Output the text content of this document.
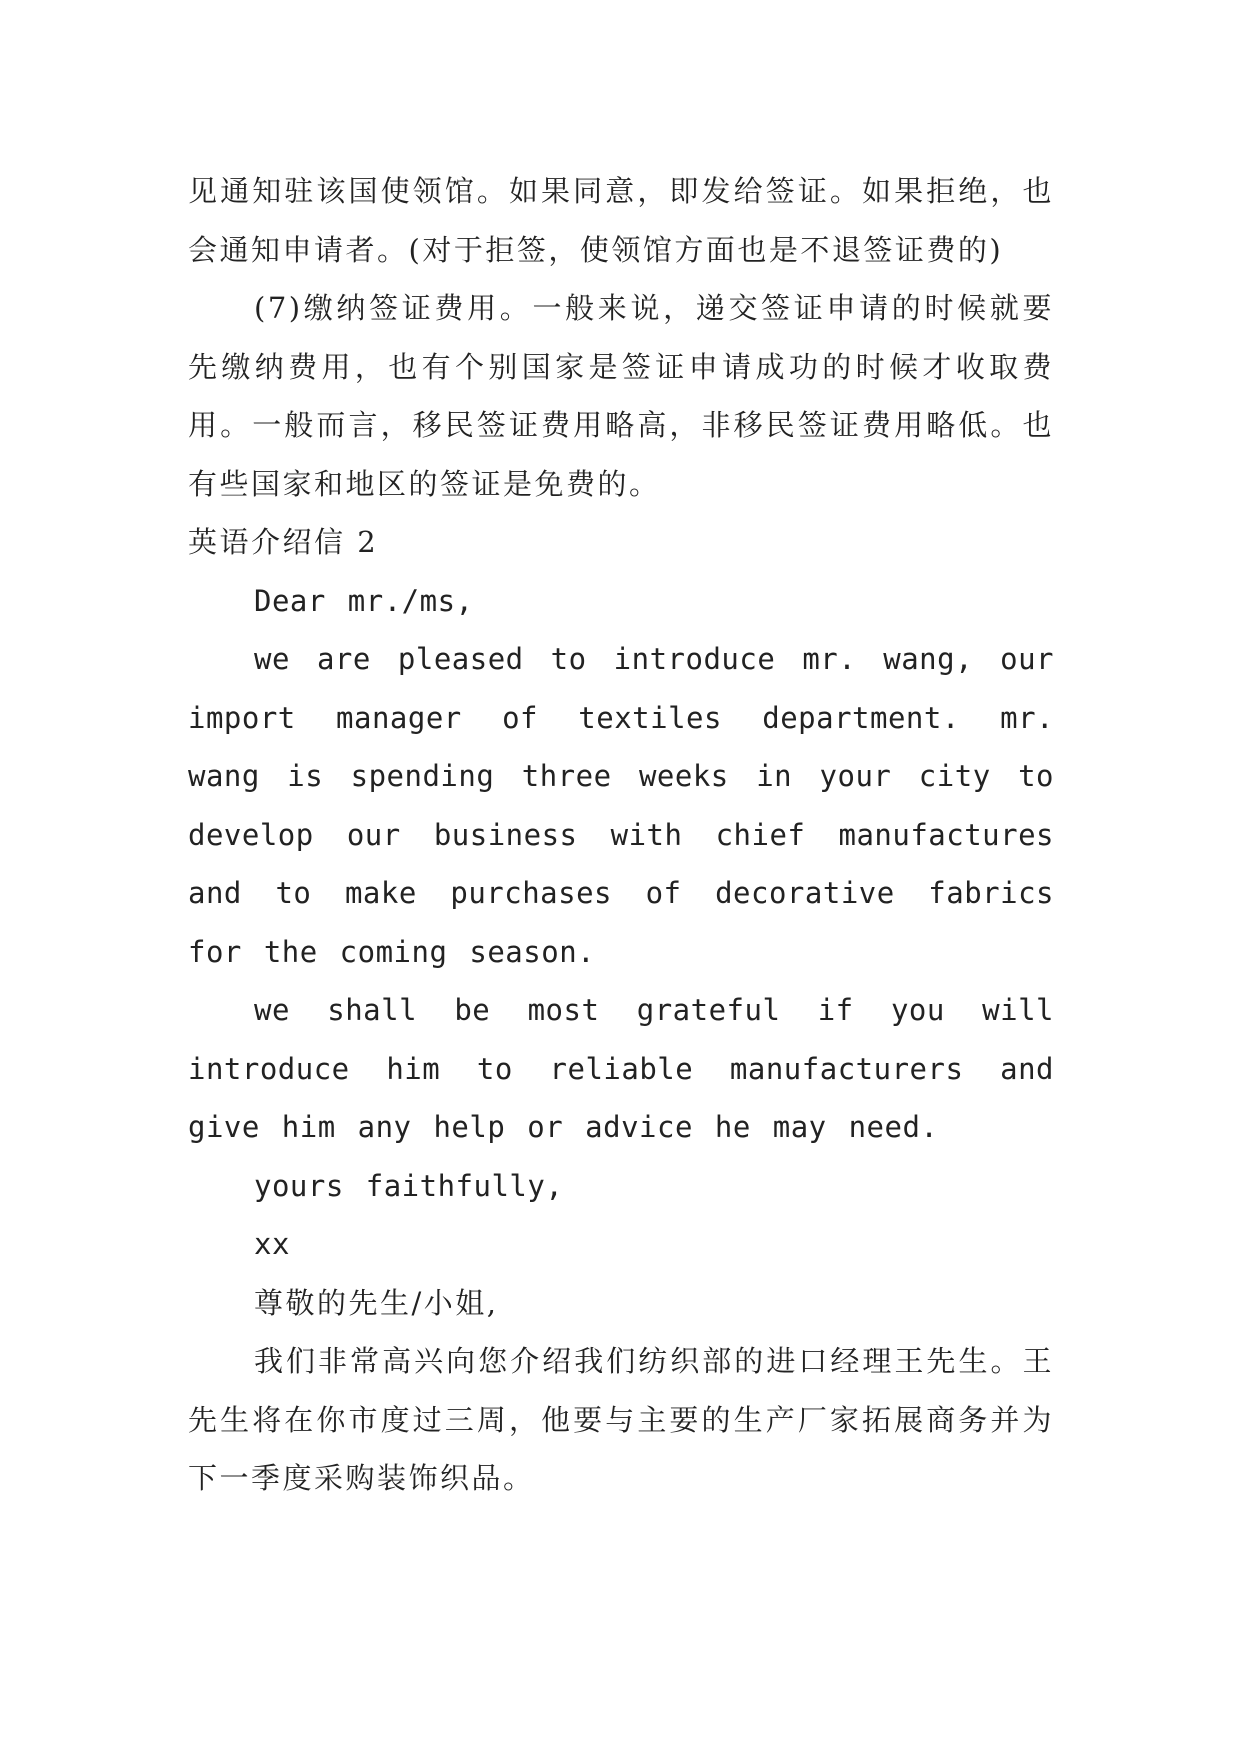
见通知驻该国使领馆。如果同意，即发给签证。如果拒绝，也会通知申请者。(对于拒签，使领馆方面也是不退签证费的)

(7)缴纳签证费用。一般来说，递交签证申请的时候就要先缴纳费用，也有个别国家是签证申请成功的时候才收取费用。一般而言，移民签证费用略高，非移民签证费用略低。也有些国家和地区的签证是免费的。

英语介绍信 2

Dear mr./ms,

we are pleased to introduce mr. wang, our import manager of textiles department. mr. wang is spending three weeks in your city to develop our business with chief manufactures and to make purchases of decorative fabrics for the coming season.

we shall be most grateful if you will introduce him to reliable manufacturers and give him any help or advice he may need.

yours faithfully,

xx

尊敬的先生/小姐,

我们非常高兴向您介绍我们纺织部的进口经理王先生。王先生将在你市度过三周，他要与主要的生产厂家拓展商务并为下一季度采购装饰织品。
